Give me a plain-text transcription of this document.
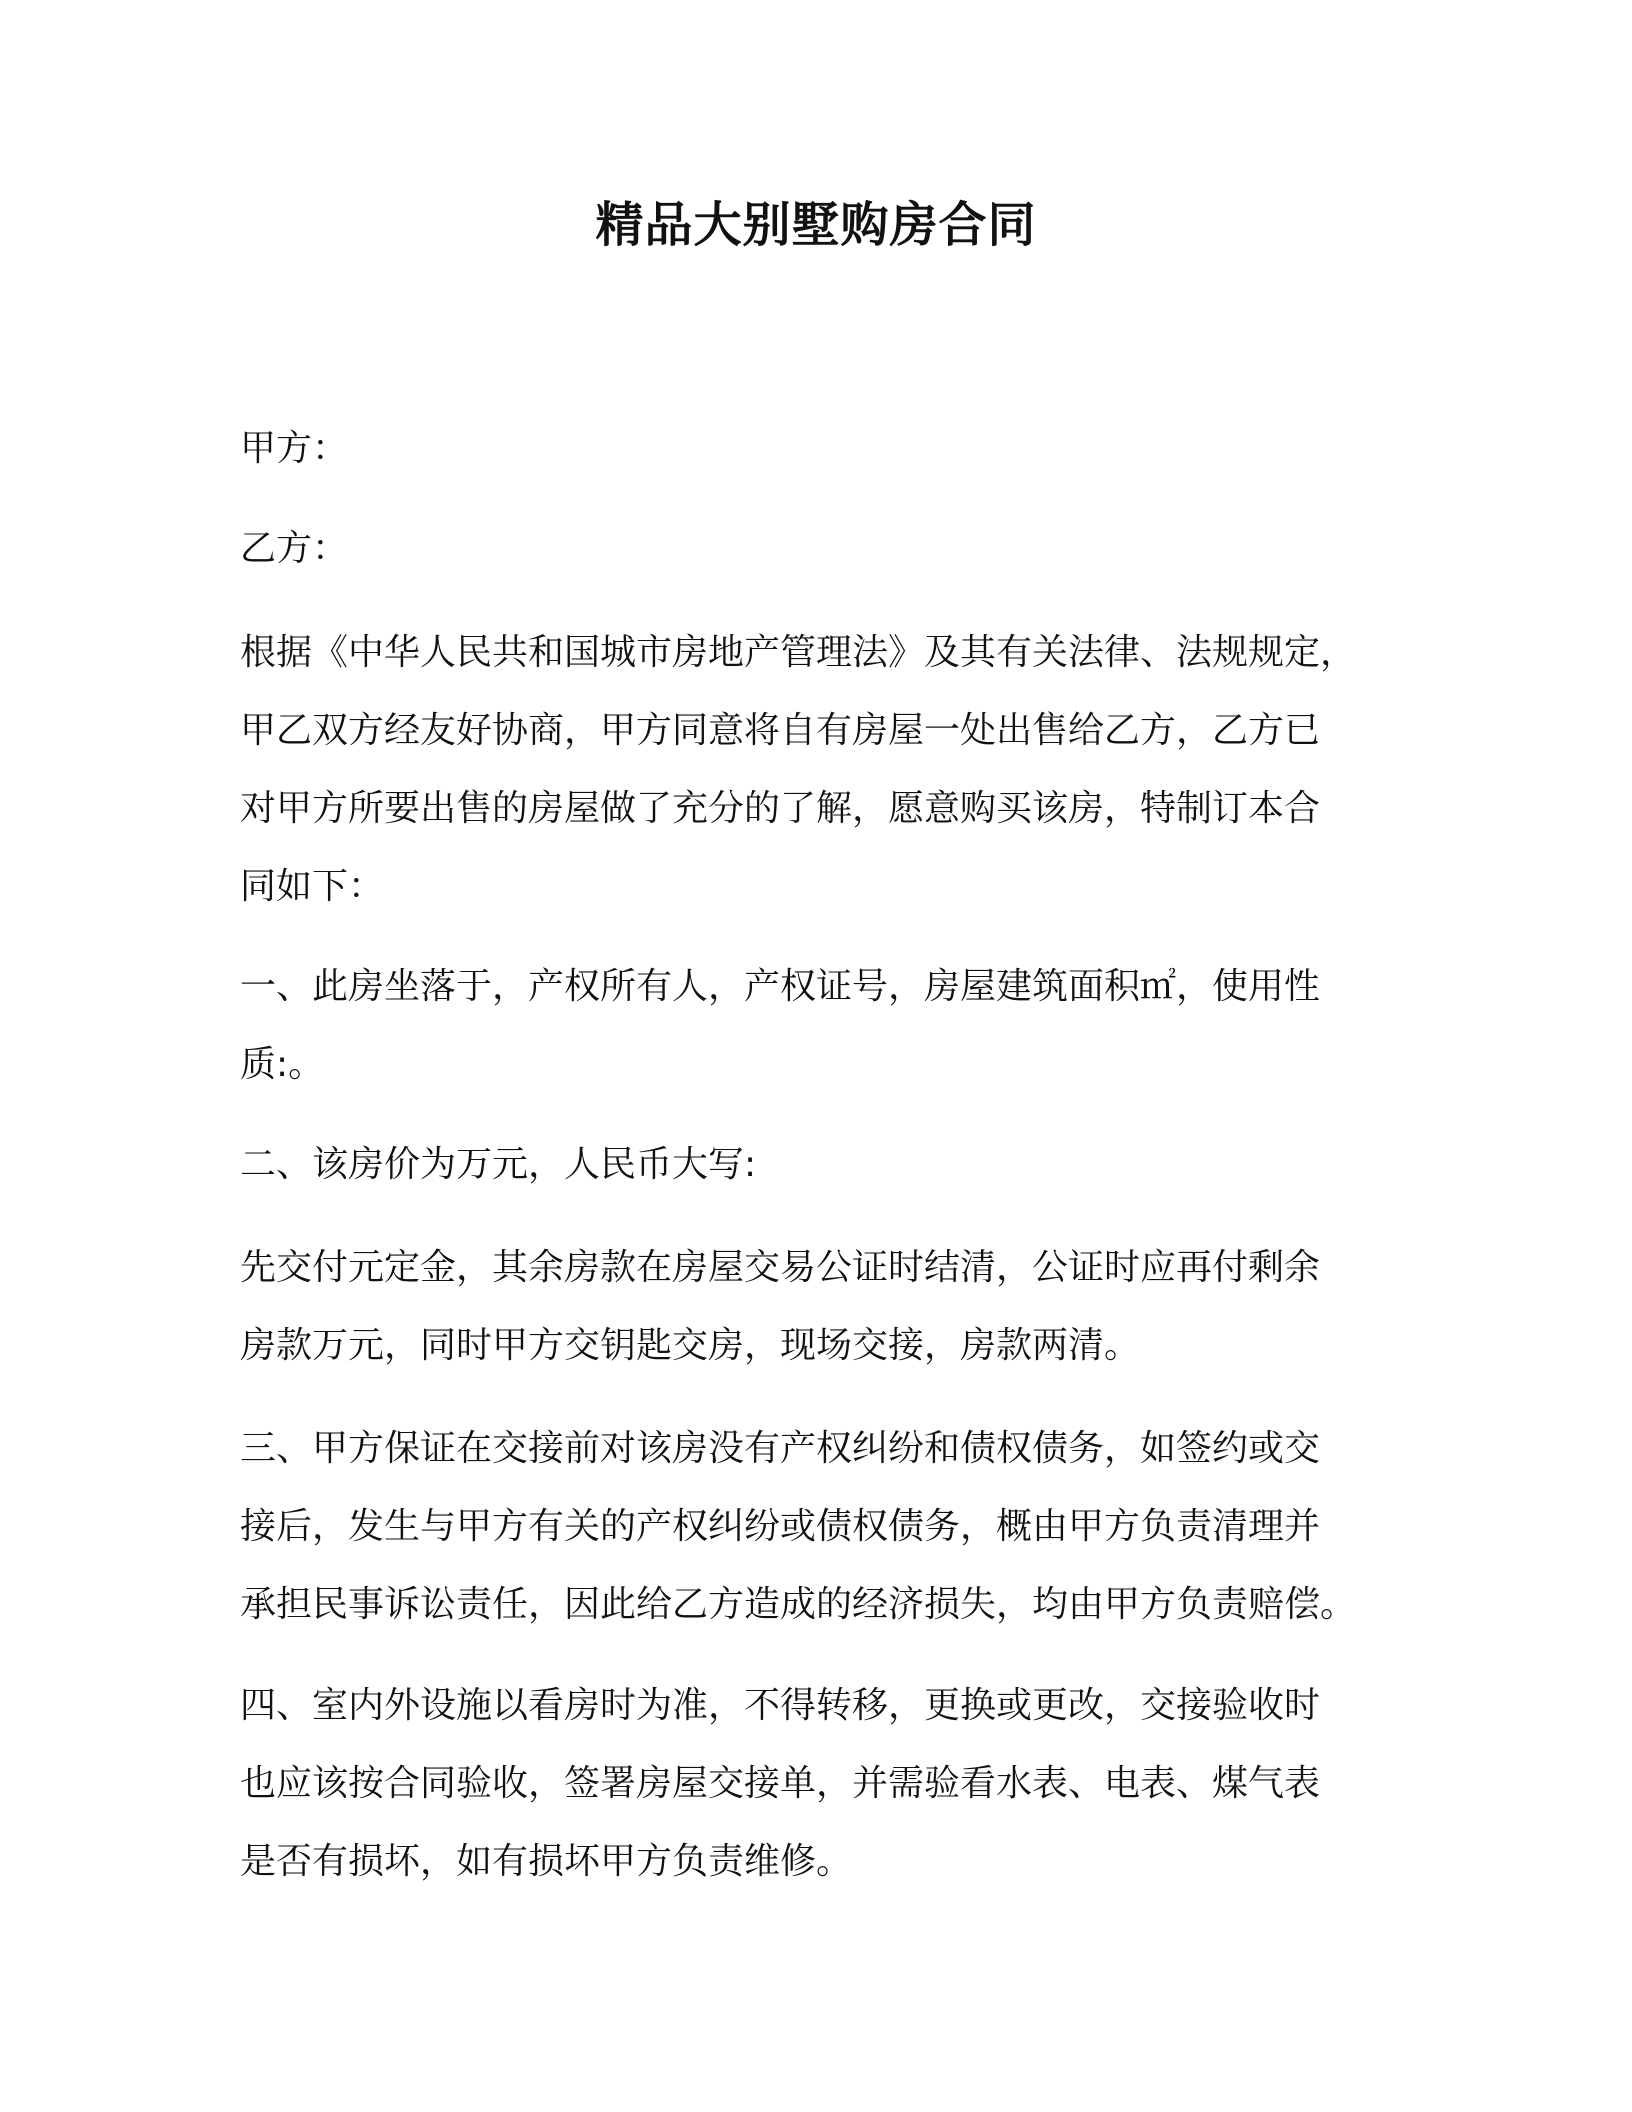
精品大别墅购房合同

甲方：

乙方：

根据《中华人民共和国城市房地产管理法》及其有关法律、法规规定，
甲乙双方经友好协商，甲方同意将自有房屋一处出售给乙方，乙方已
对甲方所要出售的房屋做了充分的了解，愿意购买该房，特制订本合
同如下：

一、此房坐落于，产权所有人，产权证号，房屋建筑面积㎡，使用性
质:。

二、该房价为万元，人民币大写:

先交付元定金，其余房款在房屋交易公证时结清，公证时应再付剩余
房款万元，同时甲方交钥匙交房，现场交接，房款两清。

三、甲方保证在交接前对该房没有产权纠纷和债权债务，如签约或交
接后，发生与甲方有关的产权纠纷或债权债务，概由甲方负责清理并
承担民事诉讼责任，因此给乙方造成的经济损失，均由甲方负责赔偿。

四、室内外设施以看房时为准，不得转移，更换或更改，交接验收时
也应该按合同验收，签署房屋交接单，并需验看水表、电表、煤气表
是否有损坏，如有损坏甲方负责维修。
